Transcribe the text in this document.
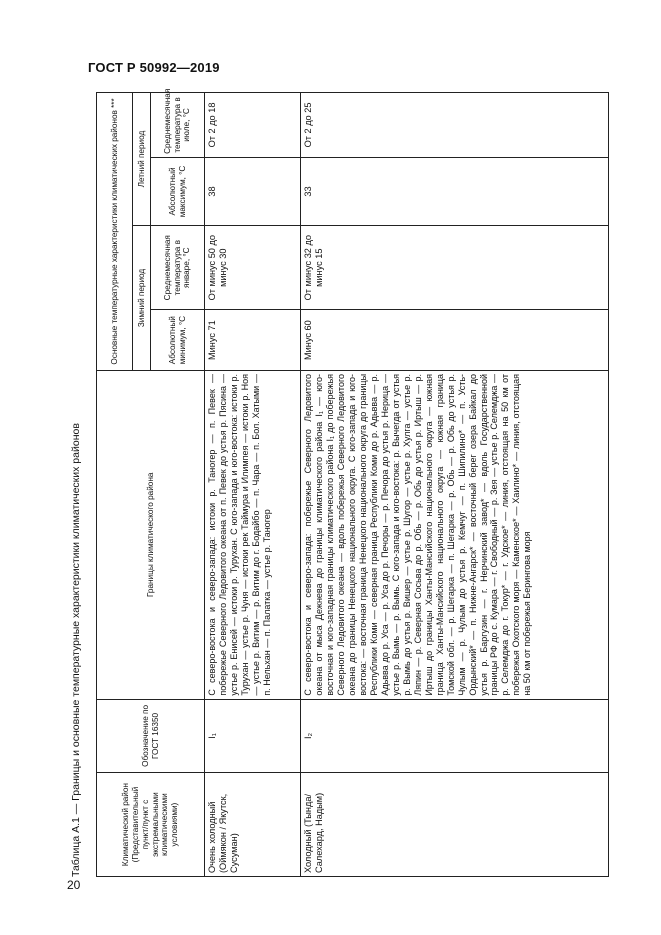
ГОСТ Р 50992—2019
Таблица А.1 — Границы и основные температурные характеристики климатических районов	Климатический район (Представительный пункт/пункт с экстремальными климатическими условиями)	Обозначение по ГОСТ 16350	Границы климатического района	Основные температурные характеристики климатических районов ***			
			Зимний период		Летний период	
			Абсолютный минимум, °С	Среднемесячная температура в январе, °С	Абсолютный максимум, °С	Среднемесячная температура в июле, °С
Очень холодный (Оймякон / Якутск, Сусуман)	I₁	С северо-востока и северо-запада: истоки р. Таногер — п. Певек — побережье Северного Ледовитого океана от п. Певек до устья р. Пясина — устье р. Енисей — истоки р. Турухан. С юго-запада и юго-востока: истоки р. Турухан — устье р. Чуня — истоки рек Таймура и Илимпея — истоки р. Ноя — устье р. Витим — р. Витим до г. Бодайбо — п. Чара — п. Бол. Хатыми — п. Нельхан — п. Палатка — устье р. Таногер	Минус 71	От минус 50 до минус 30	38	От 2 до 18
Холодный (Тында/Салехард, Надым)	I₂	С северо-востока и северо-запада: побережье Северного Ледовитого океана от мыса Дежнева до границы климатического района I₁ — юго-восточная и юго-западная границы климатического района I₁ до побережья Северного Ледовитого океана — вдоль побережья Северного Ледовитого океана до границы Ненецкого национального округа. С юго-запада и юго-востока: — восточная граница Ненецкого национального округа до границы Республики Коми — северная граница Республики Коми до р. Адьвва — р. Адьвва до р. Уса — р. Уса до р. Печоры — р. Печора до устья р. Нерица — устье р. Вымь — р. Вымь. С юго-запада и юго-востока: р. Вычегда от устья р. Вымь до устья р. Вишер — устье р. Шугор — устье р. Хулга — устье р. Ляпин — р. Северная Сосьва до р. Обь — р. Обь до устья р. Иртыш — р. Иртыш до границы Ханты-Мансийского национального округа — южная граница Ханты-Мансийского национального округа — южная граница Томской обл. — р. Шегарка — п. Шегарка — р. Обь — р. Обь до устья р. Чулым — р. Чулым до устья р. Кемчуг — п. Шипилино* — п. Усть-Ордынский* — п. Нижне-Ангарск* — восточный берег озера Байкал до устья р. Баргузин — г. Нерчинский завод* — вдоль Государственной границы РФ до с. Кумара — г. Свободный — р. Зея — устье р. Селемджа — р. Селемджа до г. Токур* — г. Удское* — линия, отстоящая на 50 км от побережья Охотского моря — Каменское* — Хаилино* — линия, отстоящая на 50 км от побережья Берингова моря	Минус 60	От минус 32 до минус 15	33	От 2 до 25
20
